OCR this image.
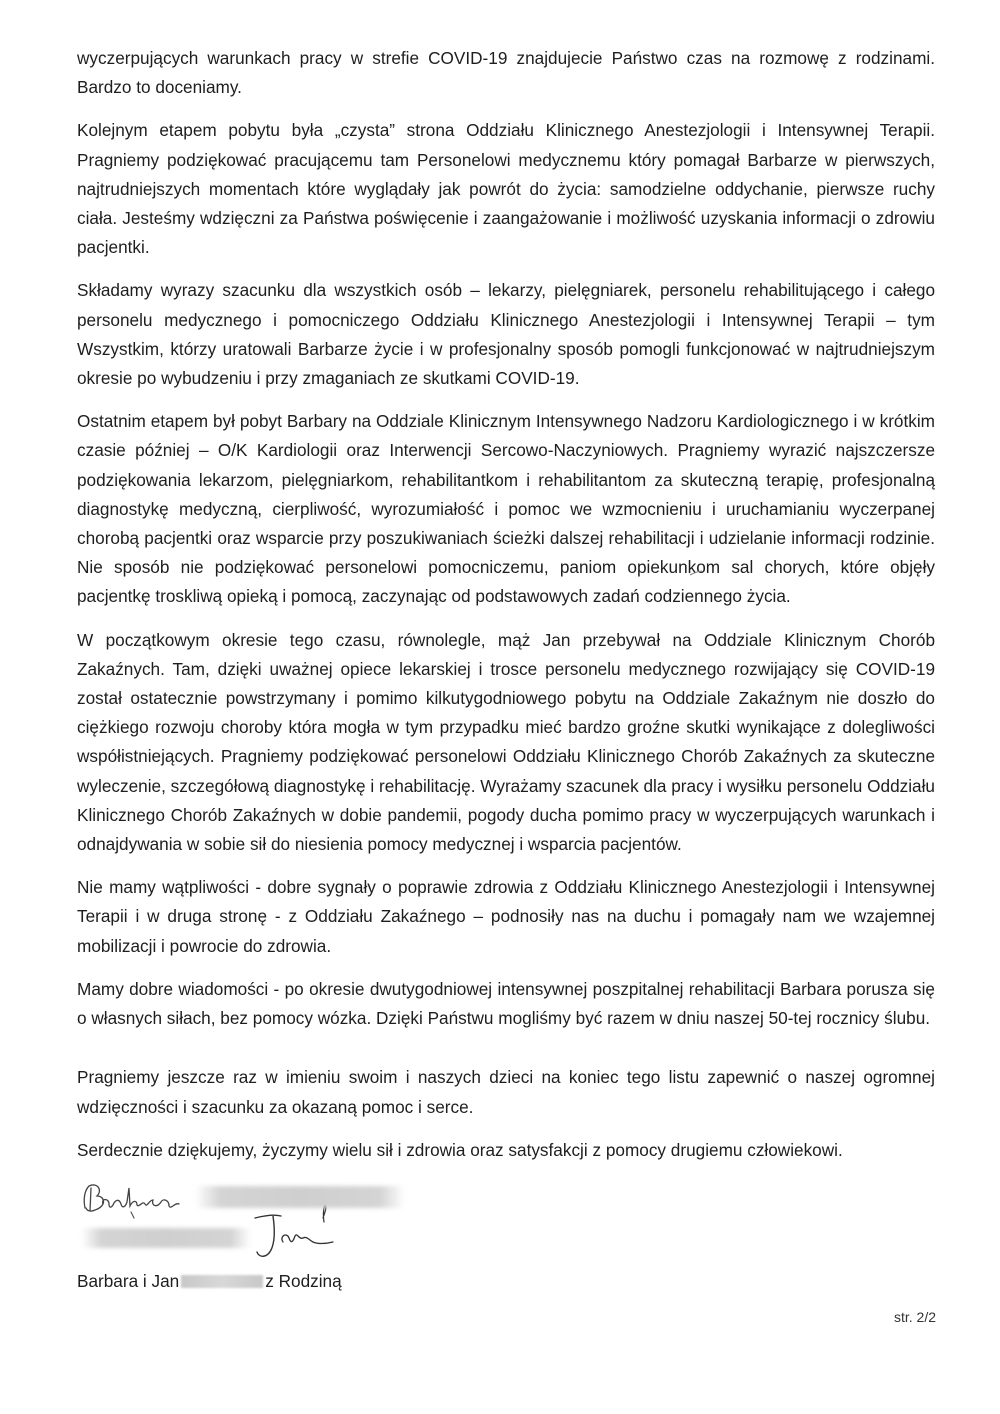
wyczerpujących warunkach pracy w strefie COVID-19 znajdujecie Państwo czas na rozmowę z rodzinami. Bardzo to doceniamy.

Kolejnym etapem pobytu była „czysta” strona Oddziału Klinicznego Anestezjologii i Intensywnej Terapii. Pragniemy podziękować pracującemu tam Personelowi medycznemu który pomagał Barbarze w pierwszych, najtrudniejszych momentach które wyglądały jak powrót do życia: samodzielne oddychanie, pierwsze ruchy ciała. Jesteśmy wdzięczni za Państwa poświęcenie i zaangażowanie i możliwość uzyskania informacji o zdrowiu pacjentki.

Składamy wyrazy szacunku dla wszystkich osób – lekarzy, pielęgniarek, personelu rehabilitującego i całego personelu medycznego i pomocniczego Oddziału Klinicznego Anestezjologii i Intensywnej Terapii – tym Wszystkim, którzy uratowali Barbarze życie i w profesjonalny sposób pomogli funkcjonować w najtrudniejszym okresie po wybudzeniu i przy zmaganiach ze skutkami COVID-19.

Ostatnim etapem był pobyt Barbary na Oddziale Klinicznym Intensywnego Nadzoru Kardiologicznego i w krótkim czasie później – O/K Kardiologii oraz Interwencji Sercowo-Naczyniowych. Pragniemy wyrazić najszczersze podziękowania lekarzom, pielęgniarkom, rehabilitantkom i rehabilitantom za skuteczną terapię, profesjonalną diagnostykę medyczną, cierpliwość, wyrozumiałość i pomoc we wzmocnieniu i uruchamianiu wyczerpanej chorobą pacjentki oraz wsparcie przy poszukiwaniach ścieżki dalszej rehabilitacji i udzielanie informacji rodzinie. Nie sposób nie podziękować personelowi pomocniczemu, paniom opiekunkom sal chorych, które objęły pacjentkę troskliwą opieką i pomocą, zaczynając od podstawowych zadań codziennego życia.

W początkowym okresie tego czasu, równolegle, mąż Jan przebywał na Oddziale Klinicznym Chorób Zakaźnych. Tam, dzięki uważnej opiece lekarskiej i trosce personelu medycznego rozwijający się COVID-19 został ostatecznie powstrzymany i pomimo kilkutygodniowego pobytu na Oddziale Zakaźnym nie doszło do ciężkiego rozwoju choroby która mogła w tym przypadku mieć bardzo groźne skutki wynikające z dolegliwości współistniejących. Pragniemy podziękować personelowi Oddziału Klinicznego Chorób Zakaźnych za skuteczne wyleczenie, szczegółową diagnostykę i rehabilitację. Wyrażamy szacunek dla pracy i wysiłku personelu Oddziału Klinicznego Chorób Zakaźnych w dobie pandemii, pogody ducha pomimo pracy w wyczerpujących warunkach i odnajdywania w sobie sił do niesienia pomocy medycznej i wsparcia pacjentów.

Nie mamy wątpliwości - dobre sygnały o poprawie zdrowia z Oddziału Klinicznego Anestezjologii i Intensywnej Terapii i w druga stronę - z Oddziału Zakaźnego – podnosiły nas na duchu i pomagały nam we wzajemnej mobilizacji i powrocie do zdrowia.

Mamy dobre wiadomości - po okresie dwutygodniowej intensywnej poszpitalnej rehabilitacji Barbara porusza się o własnych siłach, bez pomocy wózka. Dzięki Państwu mogliśmy być razem w dniu naszej 50-tej rocznicy ślubu.

Pragniemy jeszcze raz w imieniu swoim i naszych dzieci na koniec tego listu zapewnić o naszej ogromnej wdzięczności i szacunku za okazaną pomoc i serce.

Serdecznie dziękujemy, życzymy wielu sił i zdrowia oraz satysfakcji z pomocy drugiemu człowiekowi.

Barbara i Jan	z Rodziną
str. 2/2
